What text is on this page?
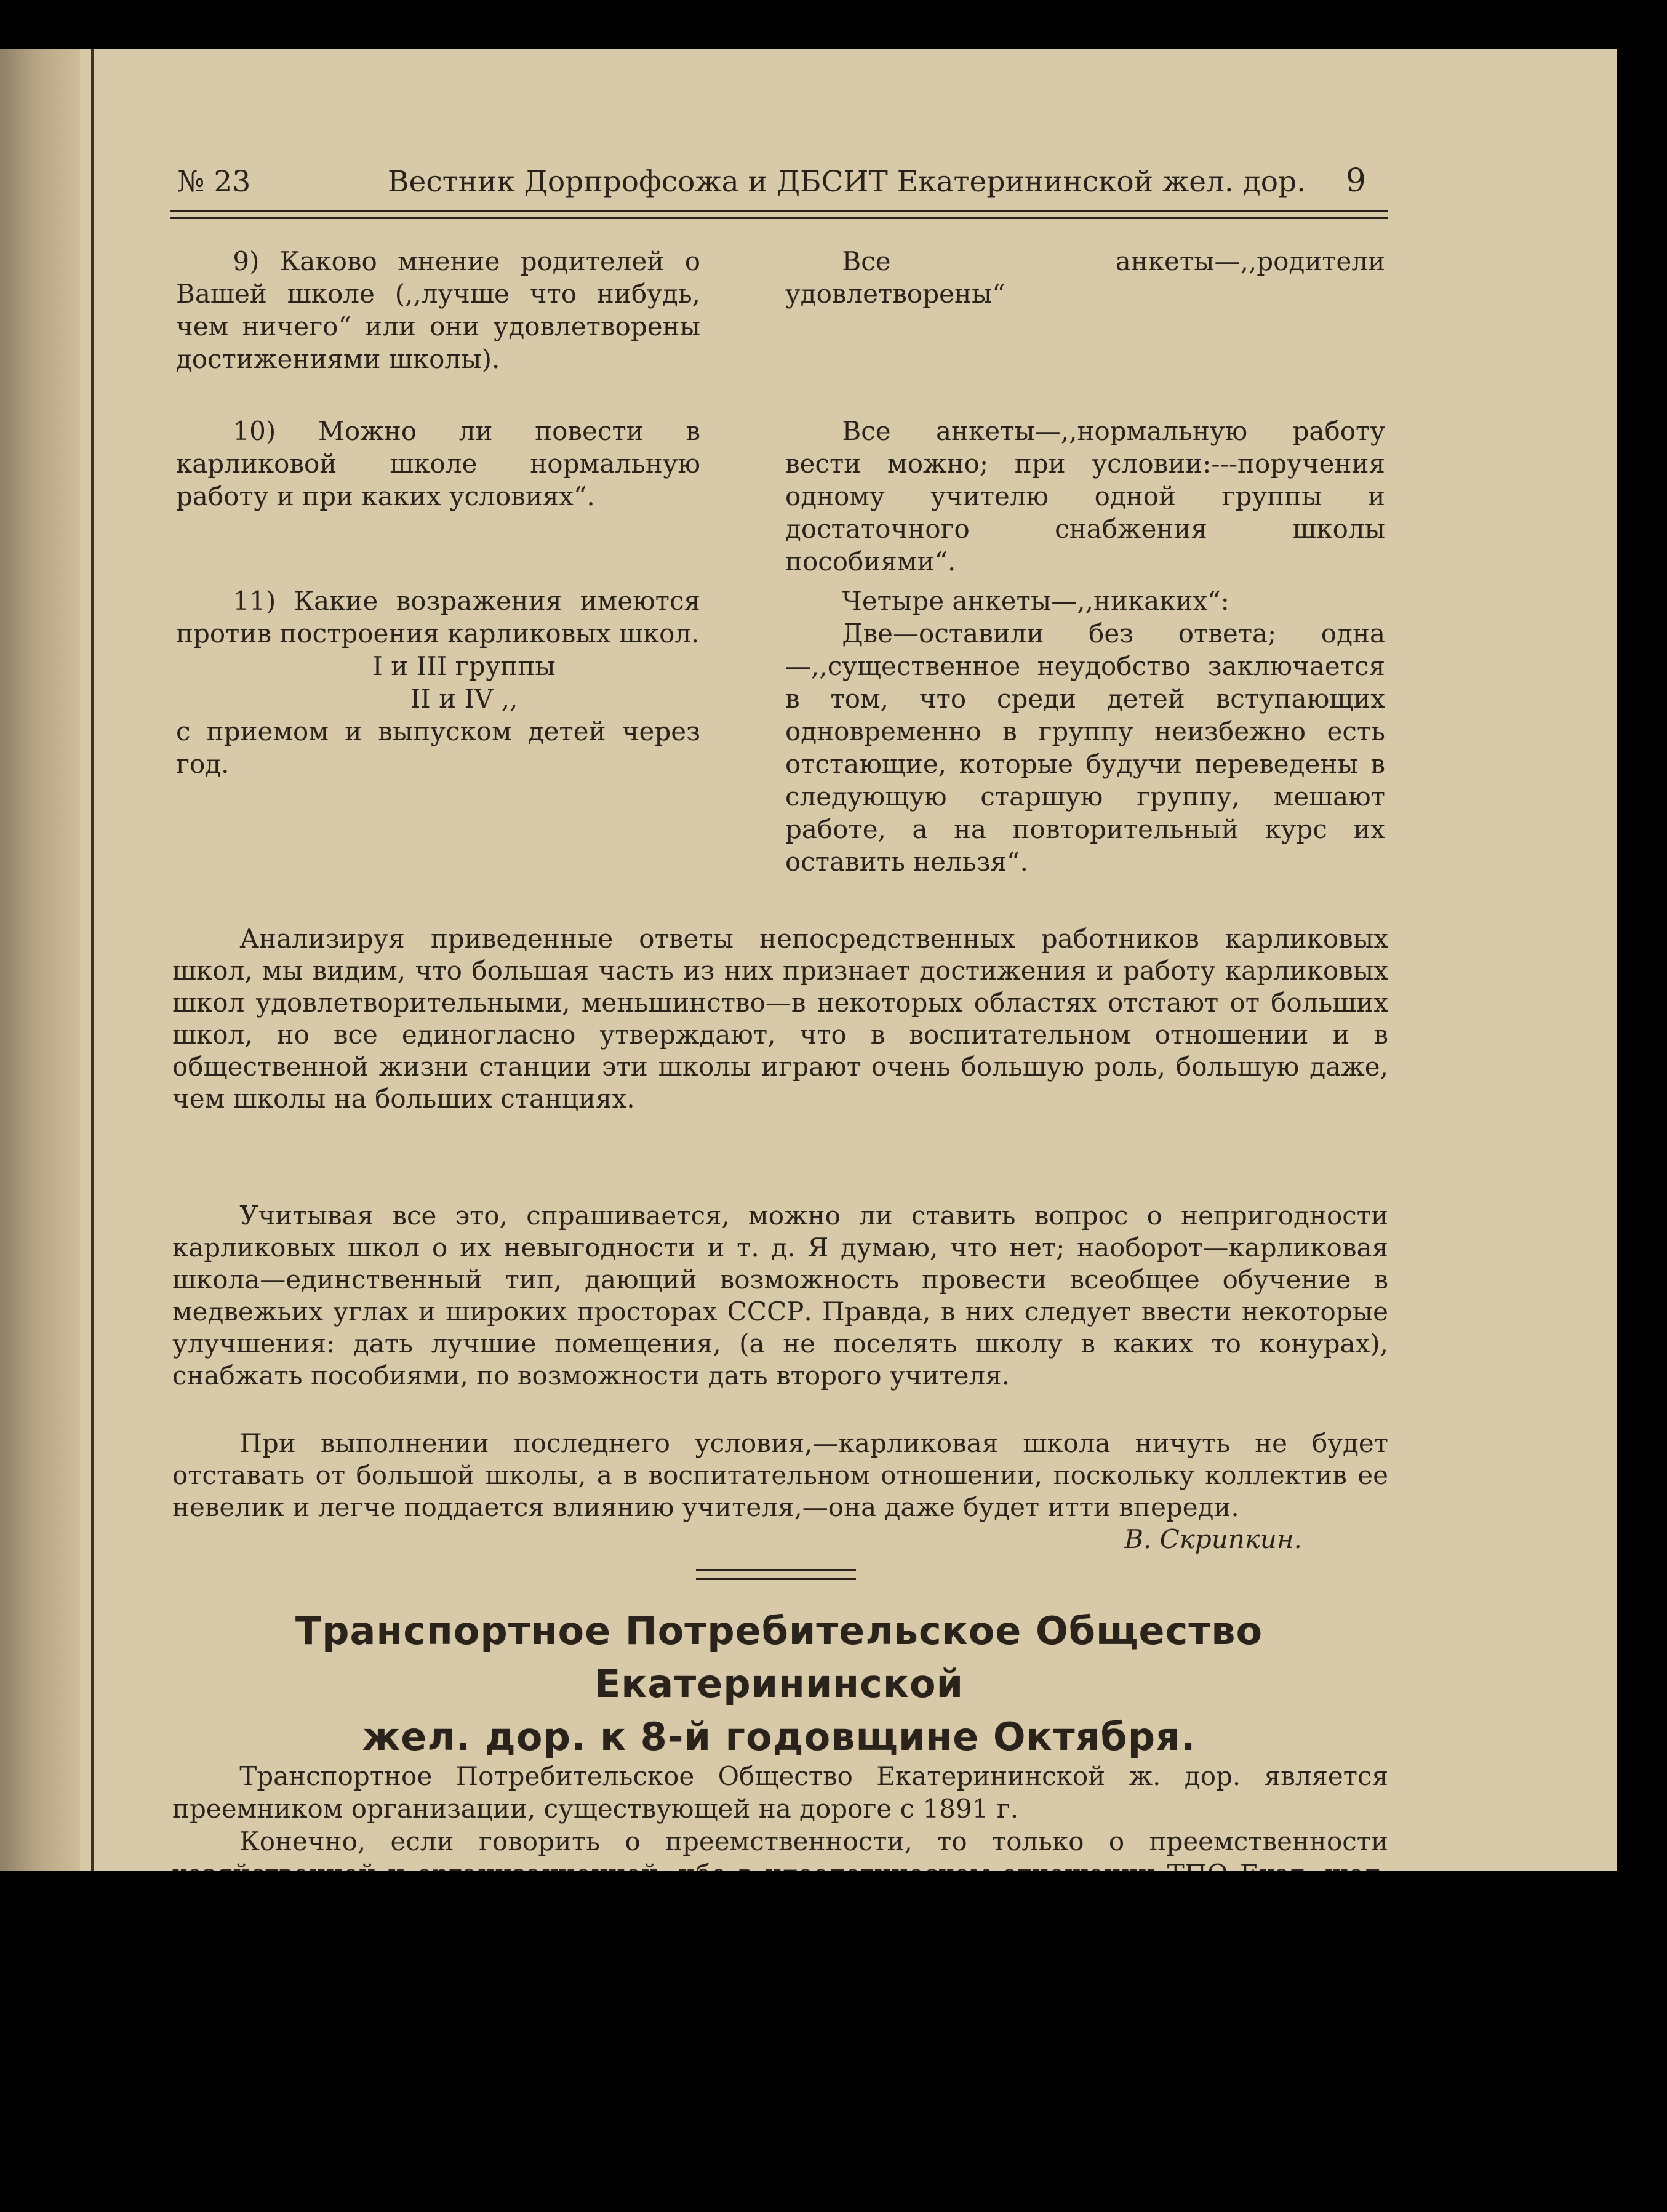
№ 23	Вестник Дорпрофсожа и ДБСИТ Екатерининской жел. дор. 9

9) Каково мнение родителей о Вашей школе (,,лучше что нибудь, чем ничего“ или они удовлетворены достижениями школы).

10) Можно ли повести в карликовой школе нормальную работу и при каких условиях“.

11) Какие возражения имеются против построения карликовых школ.

I и III группы
II и IV ,,

с приемом и выпуском детей через год.

Все анкеты—,,родители удовлетворены“

Все анкеты—,,нормальную работу вести можно; при условии:---поручения одному учителю одной группы и достаточного снабжения школы пособиями“.

Четыре анкеты—,,никаких“:

Две—оставили без ответа; одна—,,существенное неудобство заключается в том, что среди детей вступающих одновременно в группу неизбежно есть отстающие, которые будучи переведены в следующую старшую группу, мешают работе, а на повторительный курс их оставить нельзя“.

Анализируя приведенные ответы непосредственных работников карликовых школ, мы видим, что большая часть из них признает достижения и работу карликовых школ удовлетворительными, меньшинство—в некоторых областях отстают от больших школ, но все единогласно утверждают, что в воспитательном отношении и в общественной жизни станции эти школы играют очень большую роль, большую даже, чем школы на больших станциях.

Учитывая все это, спрашивается, можно ли ставить вопрос о непригодности карликовых школ о их невыгодности и т. д. Я думаю, что нет; наоборот—карликовая школа—единственный тип, дающий возможность провести всеобщее обучение в медвежьих углах и широких просторах СССР. Правда, в них следует ввести некоторые улучшения: дать лучшие помещения, (а не поселять школу в каких то конурах), снабжать пособиями, по возможности дать второго учителя.

При выполнении последнего условия,—карликовая школа ничуть не будет отставать от большой школы, а в воспитательном отношении, поскольку коллектив ее невелик и легче поддается влиянию учителя,—она даже будет итти впереди.
В. Скрипкин.

Транспортное Потребительское Общество Екатерининской
жел. дор. к 8-й годовщине Октября.

Транспортное Потребительское Общество Екатерининской ж. дор. является преемником организации, существующей на дороге с 1891 г.

Конечно, если говорить о преемственности, то только о преемственности
